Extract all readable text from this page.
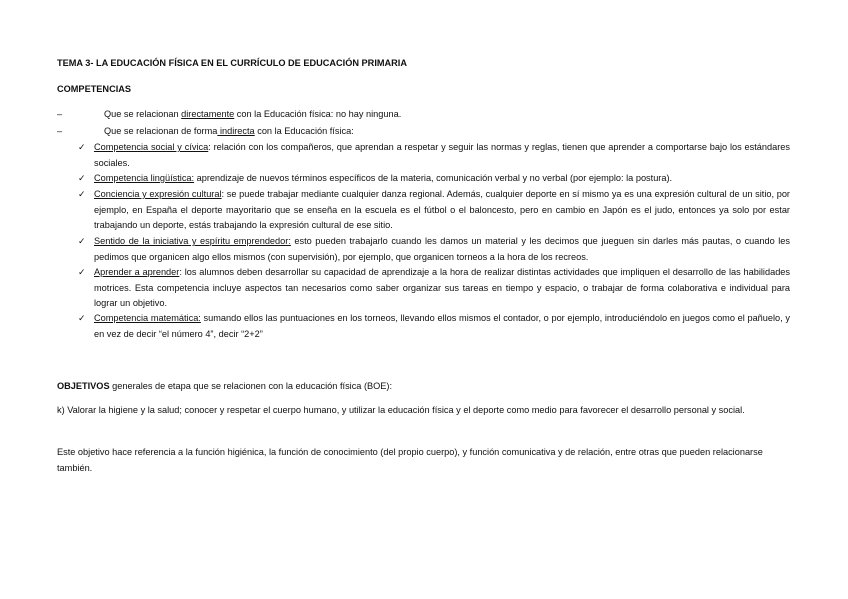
TEMA 3- LA EDUCACIÓN FÍSICA EN EL CURRÍCULO DE EDUCACIÓN PRIMARIA
COMPETENCIAS
–	Que se relacionan directamente con la Educación física: no hay ninguna.
–	Que se relacionan de forma indirecta con la Educación física:
✓ Competencia social y cívica: relación con los compañeros, que aprendan a respetar y seguir las normas y reglas, tienen que aprender a comportarse bajo los estándares sociales.
✓ Competencia lingüística: aprendizaje de nuevos términos específicos de la materia, comunicación verbal y no verbal (por ejemplo: la postura).
✓ Conciencia y expresión cultural: se puede trabajar mediante cualquier danza regional. Además, cualquier deporte en sí mismo ya es una expresión cultural de un sitio, por ejemplo, en España el deporte mayoritario que se enseña en la escuela es el fútbol o el baloncesto, pero en cambio en Japón es el judo, entonces ya solo por estar trabajando un deporte, estás trabajando la expresión cultural de ese sitio.
✓ Sentido de la iniciativa y espíritu emprendedor: esto pueden trabajarlo cuando les damos un material y les decimos que jueguen sin darles más pautas, o cuando les pedimos que organicen algo ellos mismos (con supervisión), por ejemplo, que organicen torneos a la hora de los recreos.
✓ Aprender a aprender: los alumnos deben desarrollar su capacidad de aprendizaje a la hora de realizar distintas actividades que impliquen el desarrollo de las habilidades motrices. Esta competencia incluye aspectos tan necesarios como saber organizar sus tareas en tiempo y espacio, o trabajar de forma colaborativa e individual para lograr un objetivo.
✓ Competencia matemática: sumando ellos las puntuaciones en los torneos, llevando ellos mismos el contador, o por ejemplo, introduciéndolo en juegos como el pañuelo, y en vez de decir “el número 4”, decir “2+2”
OBJETIVOS generales de etapa que se relacionen con la educación física (BOE):
k) Valorar la higiene y la salud; conocer y respetar el cuerpo humano, y utilizar la educación física y el deporte como medio para favorecer el desarrollo personal y social.
Este objetivo hace referencia a la función higiénica, la función de conocimiento (del propio cuerpo), y función comunicativa y de relación, entre otras que pueden relacionarse también.
